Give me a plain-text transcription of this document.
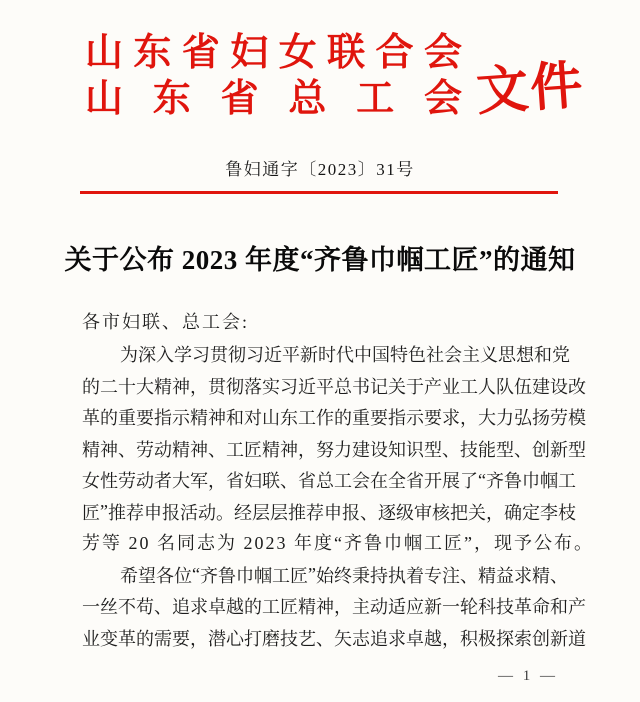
山 东 省 妇 女 联 合 会
山 东 省 总 工 会 文件
鲁妇通字〔2023〕31号
关于公布 2023 年度“齐鲁巾帼工匠”的通知
各市妇联、总工会:
为 深 入 学 习 贯 彻 习 近 平 新 时 代 中 国 特 色 社 会 主 义 思 想 和 党
的 二 十 大 精 神 ， 贯 彻 落 实 习 近 平 总 书 记 关 于 产 业 工 人 队 伍 建 设 改
革 的 重 要 指 示 精 神 和 对 山 东 工 作 的 重 要 指 示 要 求 ， 大 力 弘 扬 劳 模
精 神 、 劳 动 精 神 、 工 匠 精 神 ， 努 力 建 设 知 识 型 、 技 能 型 、 创 新 型
女 性 劳 动 者 大 军 ， 省 妇 联 、 省 总 工 会 在 全 省 开 展 了 “ 齐 鲁 巾 帼 工
匠 ” 推 荐 申 报 活 动 。 经 层 层 推 荐 申 报 、 逐 级 审 核 把 关 ， 确 定 李 枝
芳等 20 名同志为 2023 年度“齐鲁巾帼工匠”，现予公布。
希 望 各 位 “ 齐 鲁 巾 帼 工 匠 ” 始 终 秉 持 执 着 专 注 、 精 益 求 精 、
一 丝 不 苟 、 追 求 卓 越 的 工 匠 精 神 ， 主 动 适 应 新 一 轮 科 技 革 命 和 产
业 变 革 的 需 要 ， 潜 心 打 磨 技 艺 、 矢 志 追 求 卓 越 ， 积 极 探 索 创 新 道
— 1 —
